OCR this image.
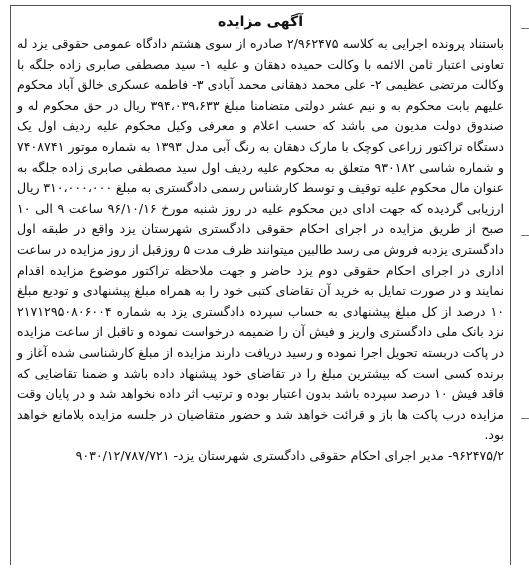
آگهی مزایده

باستناد پرونده اجرایی به کلاسه ۲/۹۶۲۴۷۵ صادره از سوی هشتم دادگاه عمومی حقوقی یزد له تعاونی اعتبار ثامن الائمه با وکالت حمیده دهقان و علیه ۱- سید مصطفی صابری زاده جلگه با وکالت مرتضی عظیمی ۲- علی محمد دهقانی محمد آبادی ۳- فاطمه عسکری خالق آباد محکوم علیهم بابت محکوم به و نیم عشر دولتی متضامنا مبلغ ۳۹۴،۰۳۹،۶۳۳ ریال در حق محکوم له و صندوق دولت مدیون می باشد که حسب اعلام و معرفی وکیل محکوم علیه ردیف اول یک دستگاه تراکتور زراعی کوچک با مارک دهقان به رنگ آبی مدل ۱۳۹۳ به شماره موتور ۷۴۰۸۷۴۱ و شماره شاسی ۹۳۰۱۸۲ متعلق به محکوم علیه ردیف اول سید مصطفی صابری زاده جلگه به عنوان مال محکوم علیه توقیف و توسط کارشناس رسمی دادگستری به مبلغ ۳۱۰،۰۰۰،۰۰۰ ریال ارزیابی گردیده که جهت ادای دین محکوم علیه در روز شنبه مورخ ۹۶/۱۰/۱۶ ساعت ۹ الی ۱۰ صبح از طریق مزایده در اجرای احکام حقوقی دادگستری شهرستان یزد واقع در طبقه اول دادگستری یزدبه فروش می رسد طالبین میتوانند ظرف مدت ۵ روزقبل از روز مزایده در ساعت اداری در اجرای احکام حقوقی دوم یزد حاضر و جهت ملاحظه تراکتور موضوع مزایده اقدام نمایند و در صورت تمایل به خرید آن تقاضای کتبی خود را به همراه مبلغ پیشنهادی و تودیع مبلغ ۱۰ درصد از کل مبلغ پیشنهادی به حساب سپرده دادگستری یزد به شماره ۲۱۷۱۲۹۵۰۸۰۶۰۰۴ نزد بانک ملی دادگستری واریز و فیش آن را ضمیمه درخواست نموده و تاقبل از ساعت مزایده در پاکت دربسته تحویل اجرا نموده و رسید دریافت دارند مزایده از مبلغ کارشناسی شده آغاز و برنده کسی است که بیشترین مبلغ را در تقاضای خود پیشنهاد داده باشد و ضمنا تقاضایی که فاقد فیش ۱۰ درصد سپرده باشد بدون اعتبار بوده و ترتیب اثر داده نخواهد شد و در پایان وقت مزایده درب پاکت ها باز و قرائت خواهد شد و حضور متقاضیان در جلسه مزایده بلامانع خواهد بود.

۹۶۲۴۷۵/۲- مدیر اجرای احکام حقوقی دادگستری شهرستان یزد- ۹۰۳۰/۱۲/۷۸۷/۷۲۱
